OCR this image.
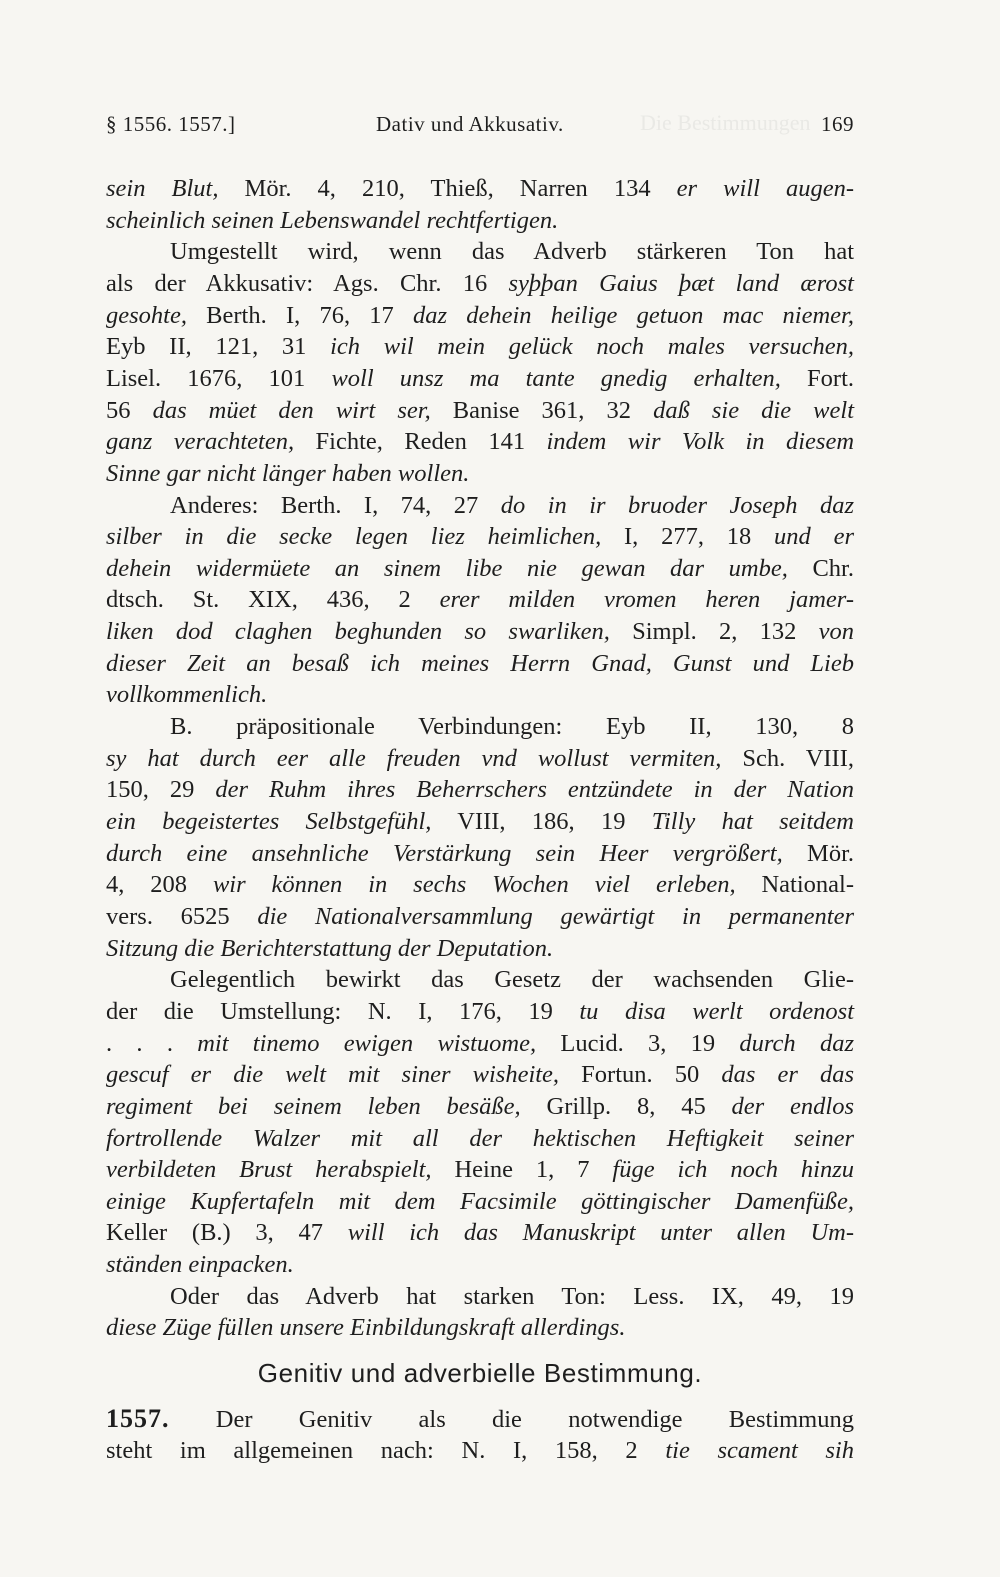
Die Bestimmungen
§ 1556. 1557.]	Dativ und Akkusativ.	169
sein Blut, Mör. 4, 210, Thieß, Narren 134 er will augen-
scheinlich seinen Lebenswandel rechtfertigen.
Umgestellt wird, wenn das Adverb stärkeren Ton hat
als der Akkusativ: Ags. Chr. 16 syþþan Gaius þæt land ærost
gesohte, Berth. I, 76, 17 daz dehein heilige getuon mac niemer,
Eyb II, 121, 31 ich wil mein gelück noch males versuchen,
Lisel. 1676, 101 woll unsz ma tante gnedig erhalten, Fort.
56 das müet den wirt ser, Banise 361, 32 daß sie die welt
ganz verachteten, Fichte, Reden 141 indem wir Volk in diesem
Sinne gar nicht länger haben wollen.
Anderes: Berth. I, 74, 27 do in ir bruoder Joseph daz
silber in die secke legen liez heimlichen, I, 277, 18 und er
dehein widermüete an sinem libe nie gewan dar umbe, Chr.
dtsch. St. XIX, 436, 2 erer milden vromen heren jamer-
liken dod claghen beghunden so swarliken, Simpl. 2, 132 von
dieser Zeit an besaß ich meines Herrn Gnad, Gunst und Lieb
vollkommenlich.
B. präpositionale Verbindungen: Eyb II, 130, 8
sy hat durch eer alle freuden vnd wollust vermiten, Sch. VIII,
150, 29 der Ruhm ihres Beherrschers entzündete in der Nation
ein begeistertes Selbstgefühl, VIII, 186, 19 Tilly hat seitdem
durch eine ansehnliche Verstärkung sein Heer vergrößert, Mör.
4, 208 wir können in sechs Wochen viel erleben, National-
vers. 6525 die Nationalversammlung gewärtigt in permanenter
Sitzung die Berichterstattung der Deputation.
Gelegentlich bewirkt das Gesetz der wachsenden Glie-
der die Umstellung: N. I, 176, 19 tu disa werlt ordenost
. . . mit tinemo ewigen wistuome, Lucid. 3, 19 durch daz
gescuf er die welt mit siner wisheite, Fortun. 50 das er das
regiment bei seinem leben besäße, Grillp. 8, 45 der endlos
fortrollende Walzer mit all der hektischen Heftigkeit seiner
verbildeten Brust herabspielt, Heine 1, 7 füge ich noch hinzu
einige Kupfertafeln mit dem Facsimile göttingischer Damenfüße,
Keller (B.) 3, 47 will ich das Manuskript unter allen Um-
ständen einpacken.
Oder das Adverb hat starken Ton: Less. IX, 49, 19
diese Züge füllen unsere Einbildungskraft allerdings.
Genitiv und adverbielle Bestimmung.
1557. Der Genitiv als die notwendige Bestimmung
steht im allgemeinen nach: N. I, 158, 2 tie scament sih
